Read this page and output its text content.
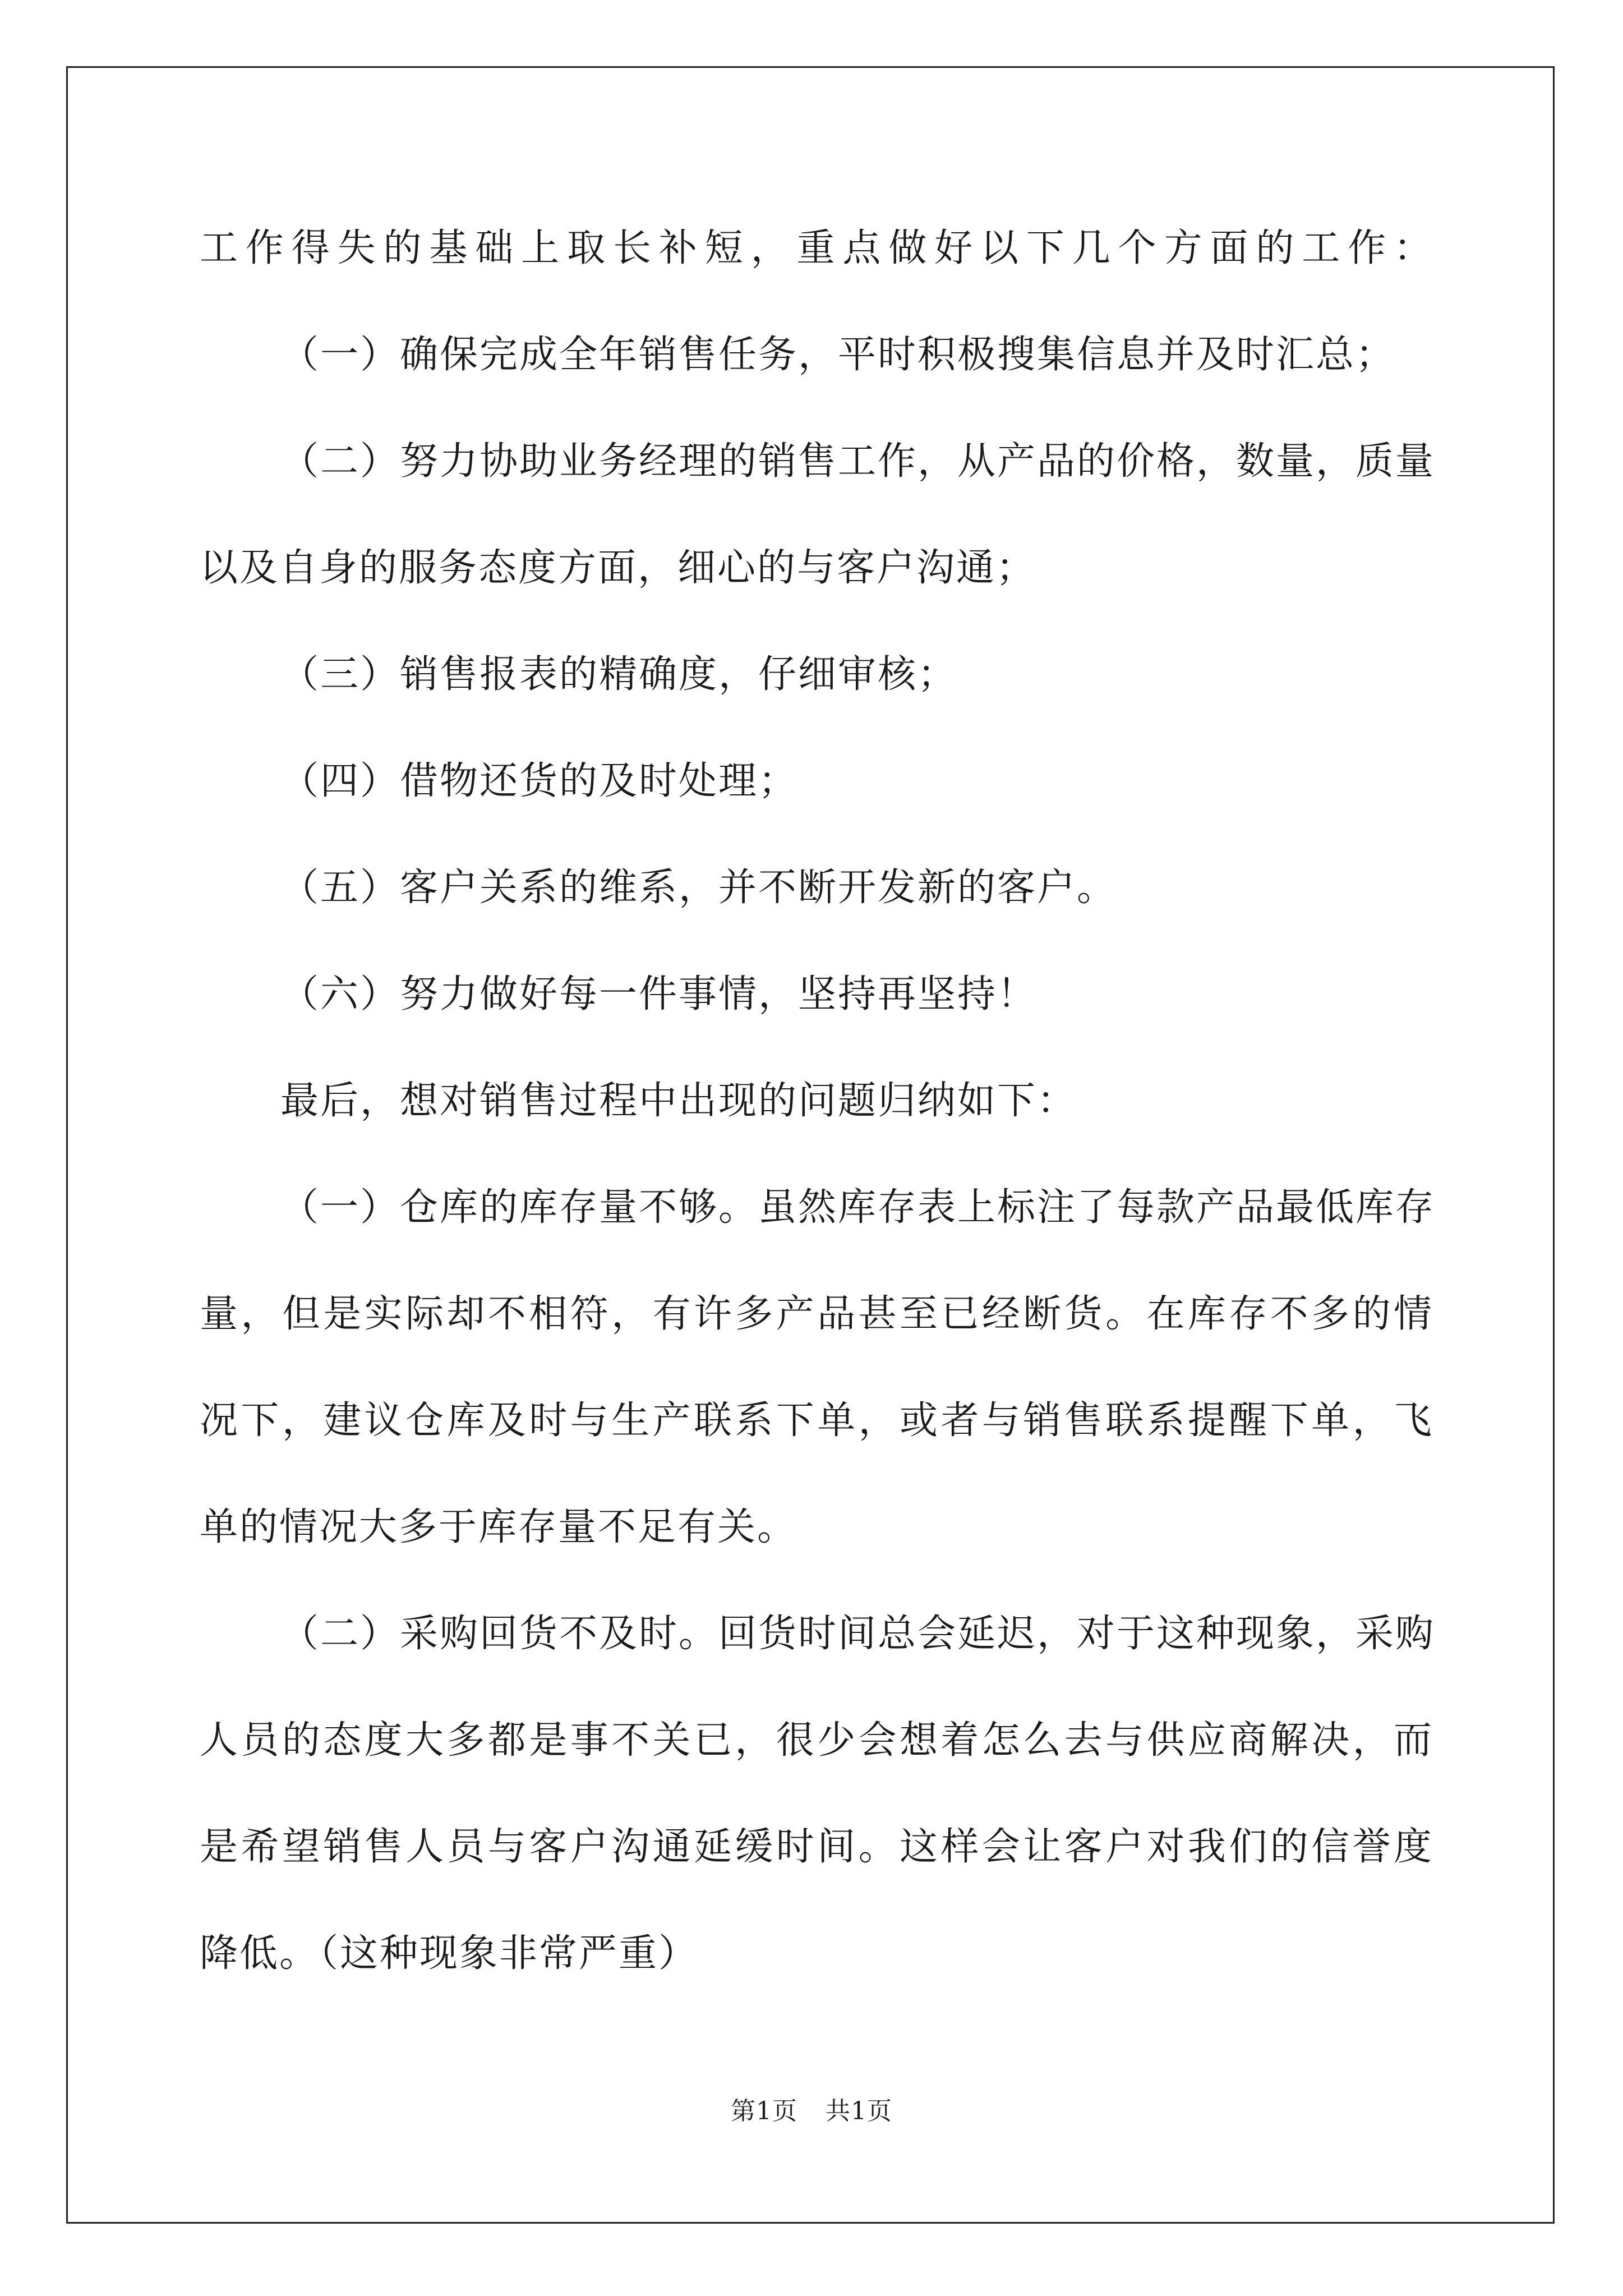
工作得失的基础上取长补短，重点做好以下几个方面的工作：
（一）确保完成全年销售任务，平时积极搜集信息并及时汇总；
（二）努力协助业务经理的销售工作，从产品的价格，数量，质量
以及自身的服务态度方面，细心的与客户沟通；
（三）销售报表的精确度，仔细审核；
（四）借物还货的及时处理；
（五）客户关系的维系，并不断开发新的客户。
（六）努力做好每一件事情，坚持再坚持！
最后，想对销售过程中出现的问题归纳如下：
（一）仓库的库存量不够。虽然库存表上标注了每款产品最低库存
量，但是实际却不相符，有许多产品甚至已经断货。在库存不多的情
况下，建议仓库及时与生产联系下单，或者与销售联系提醒下单，飞
单的情况大多于库存量不足有关。
（二）采购回货不及时。回货时间总会延迟，对于这种现象，采购
人员的态度大多都是事不关已，很少会想着怎么去与供应商解决，而
是希望销售人员与客户沟通延缓时间。这样会让客户对我们的信誉度
降低。（这种现象非常严重）
第1页 共1页
